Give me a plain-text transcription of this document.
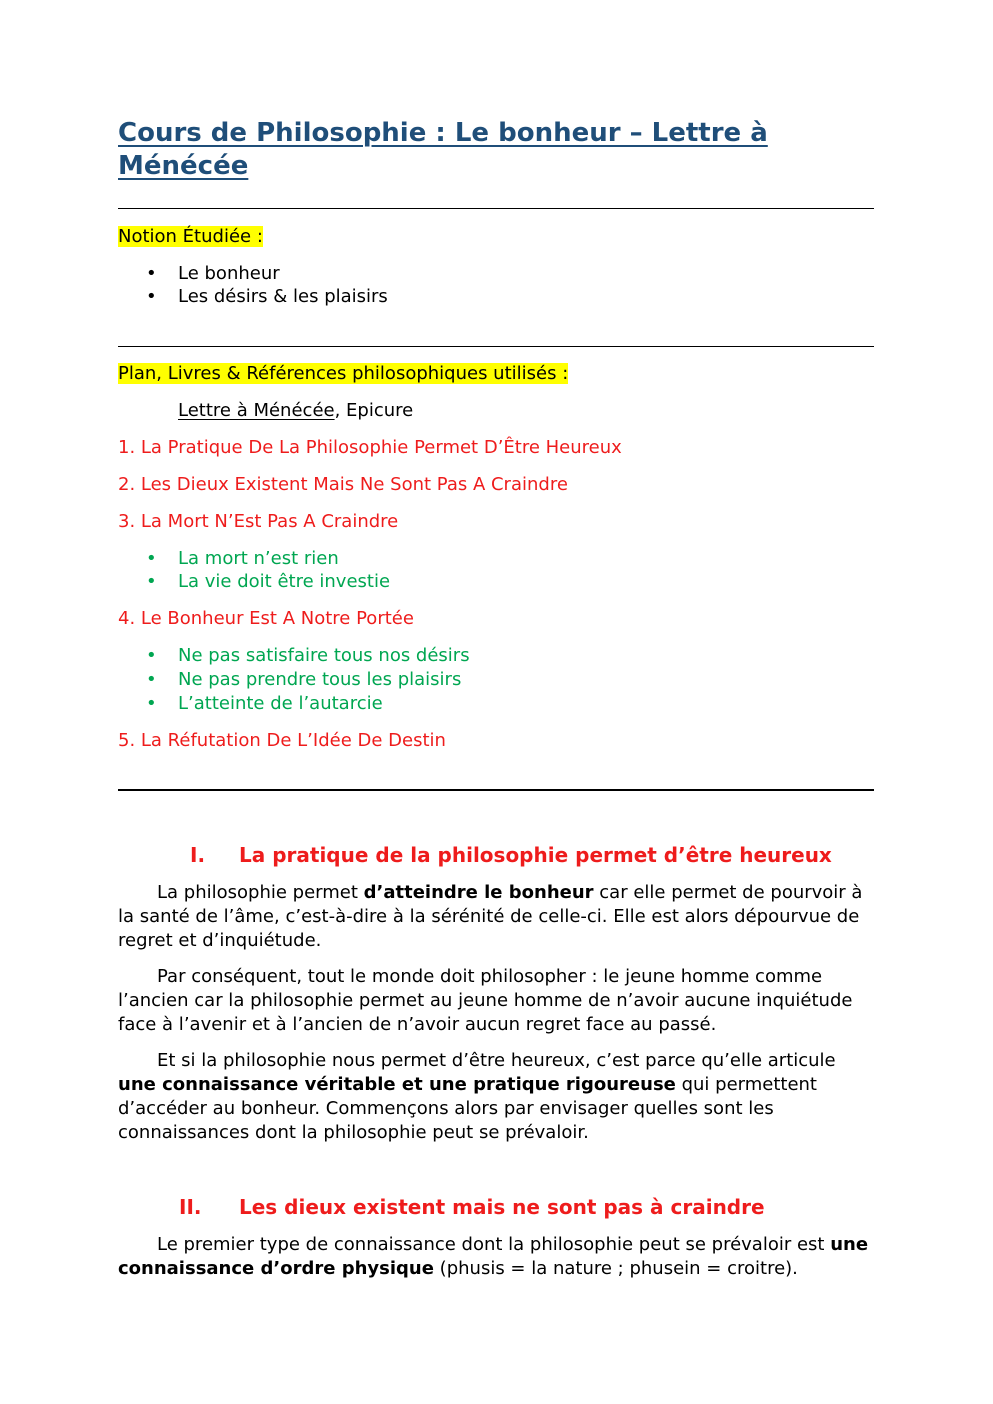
Cours de Philosophie : Le bonheur – Lettre à Ménécée
Notion Étudiée :
• Le bonheur
• Les désirs & les plaisirs
Plan, Livres & Références philosophiques utilisés :
Lettre à Ménécée, Epicure
1. La Pratique De La Philosophie Permet D’Être Heureux
2. Les Dieux Existent Mais Ne Sont Pas A Craindre
3. La Mort N’Est Pas A Craindre
• La mort n’est rien
• La vie doit être investie
4. Le Bonheur Est A Notre Portée
• Ne pas satisfaire tous nos désirs
• Ne pas prendre tous les plaisirs
• L’atteinte de l’autarcie
5. La Réfutation De L’Idée De Destin
I. La pratique de la philosophie permet d’être heureux

La philosophie permet d’atteindre le bonheur car elle permet de pourvoir à la santé de l’âme, c’est-à-dire à la sérénité de celle-ci. Elle est alors dépourvue de regret et d’inquiétude.

Par conséquent, tout le monde doit philosopher : le jeune homme comme l’ancien car la philosophie permet au jeune homme de n’avoir aucune inquiétude face à l’avenir et à l’ancien de n’avoir aucun regret face au passé.

Et si la philosophie nous permet d’être heureux, c’est parce qu’elle articule une connaissance véritable et une pratique rigoureuse qui permettent d’accéder au bonheur. Commençons alors par envisager quelles sont les connaissances dont la philosophie peut se prévaloir.

II. Les dieux existent mais ne sont pas à craindre

Le premier type de connaissance dont la philosophie peut se prévaloir est une connaissance d’ordre physique (phusis = la nature ; phusein = croitre).
